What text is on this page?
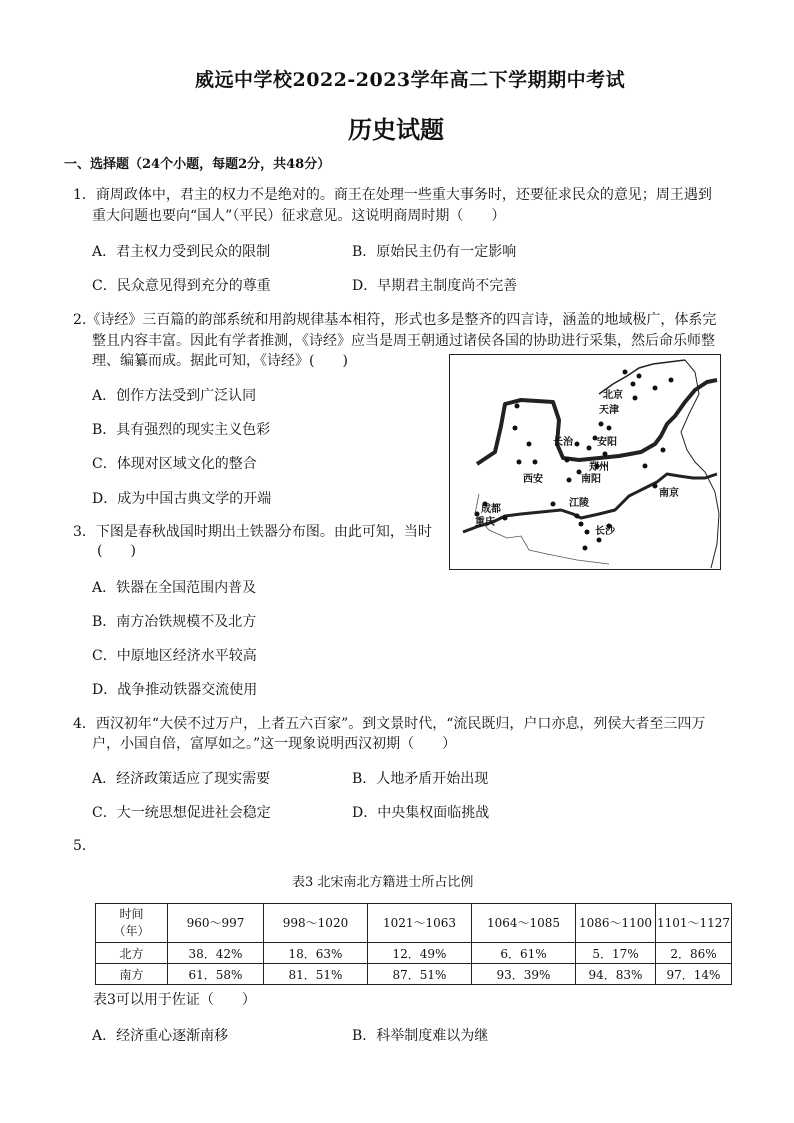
威远中学校2022-2023学年高二下学期期中考试
历史试题
一、选择题（24个小题，每题2分，共48分）
1．商周政体中，君主的权力不是绝对的。商王在处理一些重大事务时，还要征求民众的意见；周王遇到
重大问题也要向“国人”（平民）征求意见。这说明商周时期（　　）
A．君主权力受到民众的限制	B．原始民主仍有一定影响
C．民众意见得到充分的尊重	D．早期君主制度尚不完善
2.《诗经》三百篇的韵部系统和用韵规律基本相符，形式也多是整齐的四言诗，涵盖的地域极广，体系完
整且内容丰富。因此有学者推测，《诗经》应当是周王朝通过诸侯各国的协助进行采集，然后命乐师整
理、编纂而成。据此可知，《诗经》(　　)
A．创作方法受到广泛认同
B．具有强烈的现实主义色彩
C．体现对区域文化的整合
D．成为中国古典文学的开端
北京
天津
长治 安阳
郑州
南阳
西安
成都
重庆
江陵
长沙
南京
3．下图是春秋战国时期出土铁器分布图。由此可知，当时
(　　)
A．铁器在全国范围内普及
B．南方冶铁规模不及北方
C．中原地区经济水平较高
D．战争推动铁器交流使用
4．西汉初年“大侯不过万户，上者五六百家”。到文景时代，“流民既归，户口亦息，列侯大者至三四万
户，小国自倍，富厚如之。”这一现象说明西汉初期（　　）
A．经济政策适应了现实需要	B．人地矛盾开始出现
C．大一统思想促进社会稳定	D．中央集权面临挑战
5．
表3 北宋南北方籍进士所占比例
时间
（年）	960～997	998～1020	1021～1063	1064～1085	1086～1100	1101～1127
北方	38．42%	18．63%	12．49%	6．61%	5．17%	2．86%
南方	61．58%	81．51%	87．51%	93．39%	94．83%	97．14%
表3可以用于佐证（　　）
A．经济重心逐渐南移	B．科举制度难以为继
